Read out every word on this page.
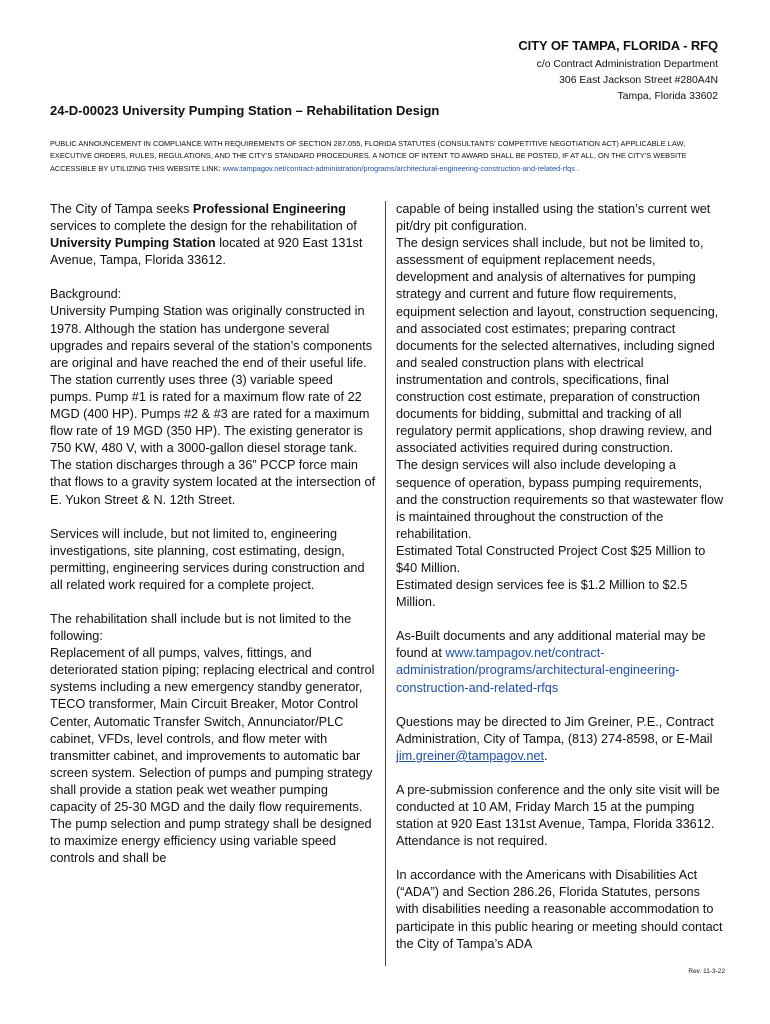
CITY OF TAMPA, FLORIDA - RFQ
c/o Contract Administration Department
306 East Jackson Street #280A4N
Tampa, Florida 33602
24-D-00023 University Pumping Station – Rehabilitation Design
PUBLIC ANNOUNCEMENT IN COMPLIANCE WITH REQUIREMENTS OF SECTION 287.055, FLORIDA STATUTES (CONSULTANTS’ COMPETITIVE NEGOTIATION ACT) APPLICABLE LAW, EXECUTIVE ORDERS, RULES, REGULATIONS, AND THE CITY’S STANDARD PROCEDURES. A NOTICE OF INTENT TO AWARD SHALL BE POSTED, IF AT ALL, ON THE CITY’S WEBSITE ACCESSIBLE BY UTILIZING THIS WEBSITE LINK: www.tampagov.net/contract-administration/programs/architectural-engineering-construction-and-related-rfqs .

The City of Tampa seeks Professional Engineering services to complete the design for the rehabilitation of University Pumping Station located at 920 East 131st Avenue, Tampa, Florida 33612.

Background:

University Pumping Station was originally constructed in 1978. Although the station has undergone several upgrades and repairs several of the station’s components are original and have reached the end of their useful life. The station currently uses three (3) variable speed pumps. Pump #1 is rated for a maximum flow rate of 22 MGD (400 HP). Pumps #2 & #3 are rated for a maximum flow rate of 19 MGD (350 HP). The existing generator is 750 KW, 480 V, with a 3000-gallon diesel storage tank. The station discharges through a 36” PCCP force main that flows to a gravity system located at the intersection of E. Yukon Street & N. 12th Street.

Services will include, but not limited to, engineering investigations, site planning, cost estimating, design, permitting, engineering services during construction and all related work required for a complete project.

The rehabilitation shall include but is not limited to the following:

Replacement of all pumps, valves, fittings, and deteriorated station piping; replacing electrical and control systems including a new emergency standby generator, TECO transformer, Main Circuit Breaker, Motor Control Center, Automatic Transfer Switch, Annunciator/PLC cabinet, VFDs, level controls, and flow meter with transmitter cabinet, and improvements to automatic bar screen system. Selection of pumps and pumping strategy shall provide a station peak wet weather pumping capacity of 25-30 MGD and the daily flow requirements. The pump selection and pump strategy shall be designed to maximize energy efficiency using variable speed controls and shall be

capable of being installed using the station’s current wet pit/dry pit configuration.

The design services shall include, but not be limited to, assessment of equipment replacement needs, development and analysis of alternatives for pumping strategy and current and future flow requirements, equipment selection and layout, construction sequencing, and associated cost estimates; preparing contract documents for the selected alternatives, including signed and sealed construction plans with electrical instrumentation and controls, specifications, final construction cost estimate, preparation of construction documents for bidding, submittal and tracking of all regulatory permit applications, shop drawing review, and associated activities required during construction.

The design services will also include developing a sequence of operation, bypass pumping requirements, and the construction requirements so that wastewater flow is maintained throughout the construction of the rehabilitation.

Estimated Total Constructed Project Cost $25 Million to $40 Million.

Estimated design services fee is $1.2 Million to $2.5 Million.

As-Built documents and any additional material may be found at www.tampagov.net/contract-administration/programs/architectural-engineering-construction-and-related-rfqs

Questions may be directed to Jim Greiner, P.E., Contract Administration, City of Tampa, (813) 274-8598, or E-Mail jim.greiner@tampagov.net.

A pre-submission conference and the only site visit will be conducted at 10 AM, Friday March 15 at the pumping station at 920 East 131st Avenue, Tampa, Florida 33612. Attendance is not required.

In accordance with the Americans with Disabilities Act (“ADA”) and Section 286.26, Florida Statutes, persons with disabilities needing a reasonable accommodation to participate in this public hearing or meeting should contact the City of Tampa’s ADA

Rev. 11-3-22
